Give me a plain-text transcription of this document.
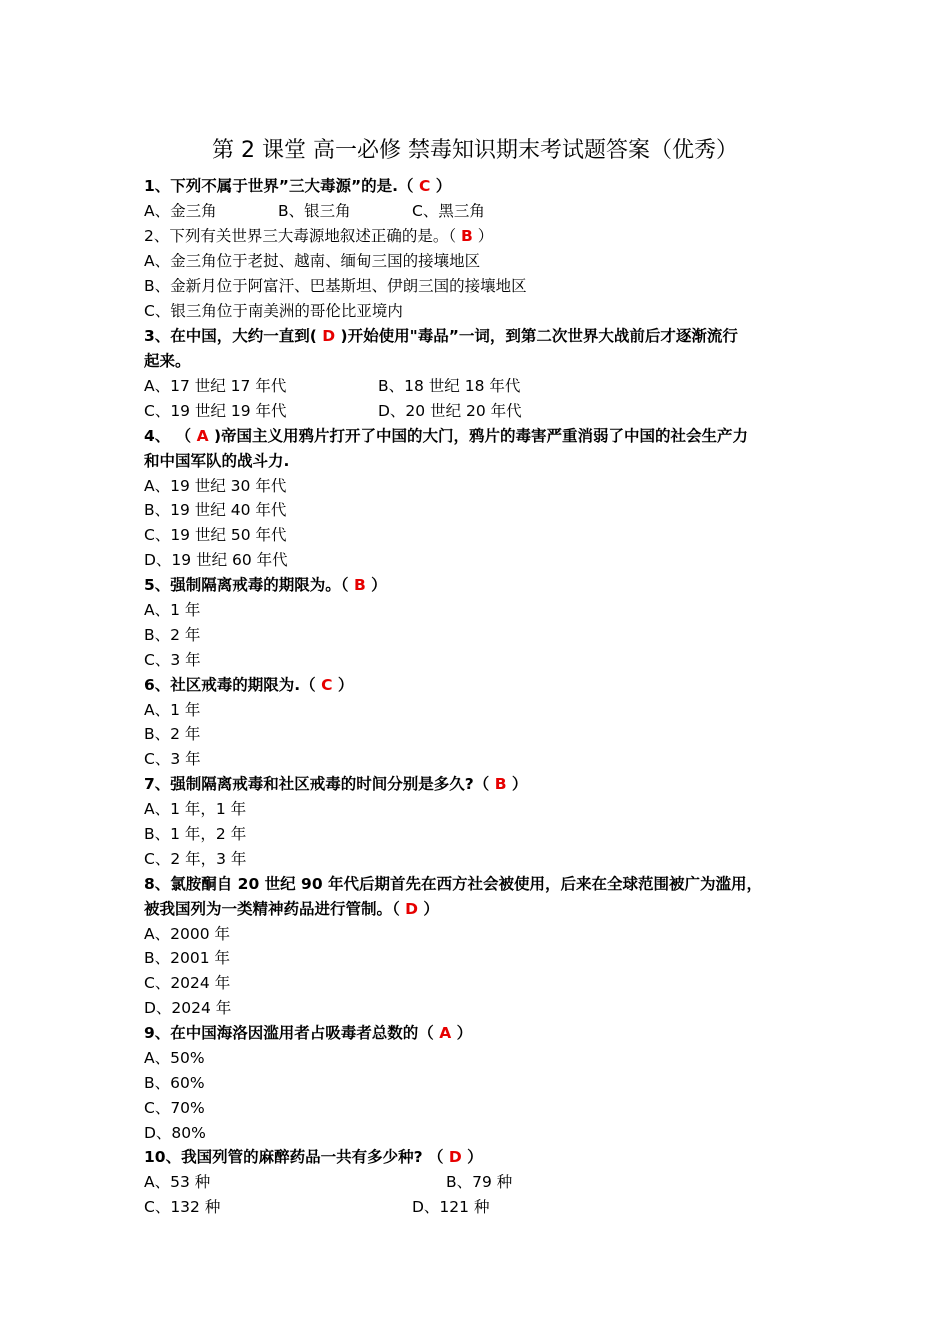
第 2 课堂 高一必修 禁毒知识期末考试题答案（优秀）
1、下列不属于世界”三大毒源”的是.（ C ）
A、金三角	B、银三角	C、黑三角
2、下列有关世界三大毒源地叙述正确的是。（ B ）
A、金三角位于老挝、越南、缅甸三国的接壤地区
B、金新月位于阿富汗、巴基斯坦、伊朗三国的接壤地区
C、银三角位于南美洲的哥伦比亚境内
3、在中国，大约一直到( D )开始使用"毒品”一词，到第二次世界大战前后才逐渐流行
起来。
A、17 世纪 17 年代	B、18 世纪 18 年代
C、19 世纪 19 年代	D、20 世纪 20 年代
4、 （ A )帝国主义用鸦片打开了中国的大门，鸦片的毒害严重消弱了中国的社会生产力
和中国军队的战斗力.
A、19 世纪 30 年代
B、19 世纪 40 年代
C、19 世纪 50 年代
D、19 世纪 60 年代
5、强制隔离戒毒的期限为。（ B ）
A、1 年
B、2 年
C、3 年
6、社区戒毒的期限为.（ C ）
A、1 年
B、2 年
C、3 年
7、强制隔离戒毒和社区戒毒的时间分别是多久?（ B ）
A、1 年，1 年
B、1 年，2 年
C、2 年，3 年
8、氯胺酮自 20 世纪 90 年代后期首先在西方社会被使用，后来在全球范围被广为滥用，
被我国列为一类精神药品进行管制。（ D ）
A、2000 年
B、2001 年
C、2024 年
D、2024 年
9、在中国海洛因滥用者占吸毒者总数的（ A ）
A、50%
B、60%
C、70%
D、80%
10、我国列管的麻醉药品一共有多少种? （ D ）
A、53 种	B、79 种
C、132 种	D、121 种
